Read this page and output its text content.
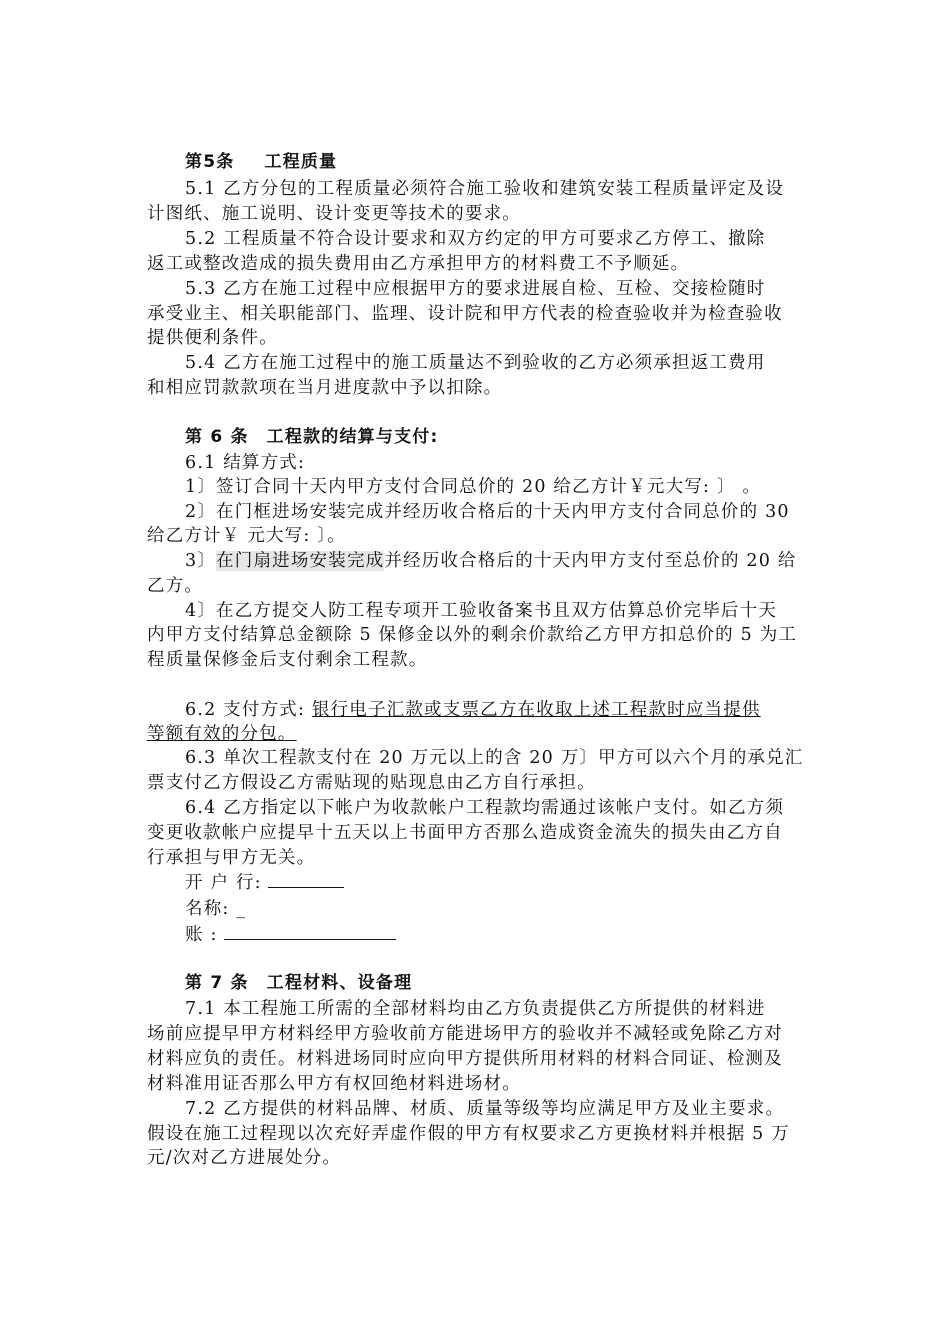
第5条 工程质量
5.1 乙方分包的工程质量必须符合施工验收和建筑安装工程质量评定及设
计图纸、施工说明、设计变更等技术的要求。
5.2 工程质量不符合设计要求和双方约定的甲方可要求乙方停工、撤除
返工或整改造成的损失费用由乙方承担甲方的材料费工不予顺延。
5.3 乙方在施工过程中应根据甲方的要求进展自检、互检、交接检随时
承受业主、相关职能部门、监理、设计院和甲方代表的检查验收并为检查验收
提供便利条件。
5.4 乙方在施工过程中的施工质量达不到验收的乙方必须承担返工费用
和相应罚款款项在当月进度款中予以扣除。
第 6 条 工程款的结算与支付:
6.1 结算方式:
1〕签订合同十天内甲方支付合同总价的 20 给乙方计￥元大写: 〕 。
2〕在门框进场安装完成并经历收合格后的十天内甲方支付合同总价的 30
给乙方计￥ 元大写: 〕。
3〕在门扇进场安装完成并经历收合格后的十天内甲方支付至总价的 20 给
乙方。
4〕在乙方提交人防工程专项开工验收备案书且双方估算总价完毕后十天
内甲方支付结算总金额除 5 保修金以外的剩余价款给乙方甲方扣总价的 5 为工
程质量保修金后支付剩余工程款。
6.2 支付方式: 银行电子汇款或支票乙方在收取上述工程款时应当提供
等额有效的分包。
6.3 单次工程款支付在 20 万元以上的含 20 万〕甲方可以六个月的承兑汇
票支付乙方假设乙方需贴现的贴现息由乙方自行承担。
6.4 乙方指定以下帐户为收款帐户工程款均需通过该帐户支付。如乙方须
变更收款帐户应提早十五天以上书面甲方否那么造成资金流失的损失由乙方自
行承担与甲方无关。
开 户 行:
名称: _
账 :
第 7 条 工程材料、设备理
7.1 本工程施工所需的全部材料均由乙方负责提供乙方所提供的材料进
场前应提早甲方材料经甲方验收前方能进场甲方的验收并不减轻或免除乙方对
材料应负的责任。材料进场同时应向甲方提供所用材料的材料合同证、检测及
材料准用证否那么甲方有权回绝材料进场材。
7.2 乙方提供的材料品牌、材质、质量等级等均应满足甲方及业主要求。
假设在施工过程现以次充好弄虚作假的甲方有权要求乙方更换材料并根据 5 万
元/次对乙方进展处分。
